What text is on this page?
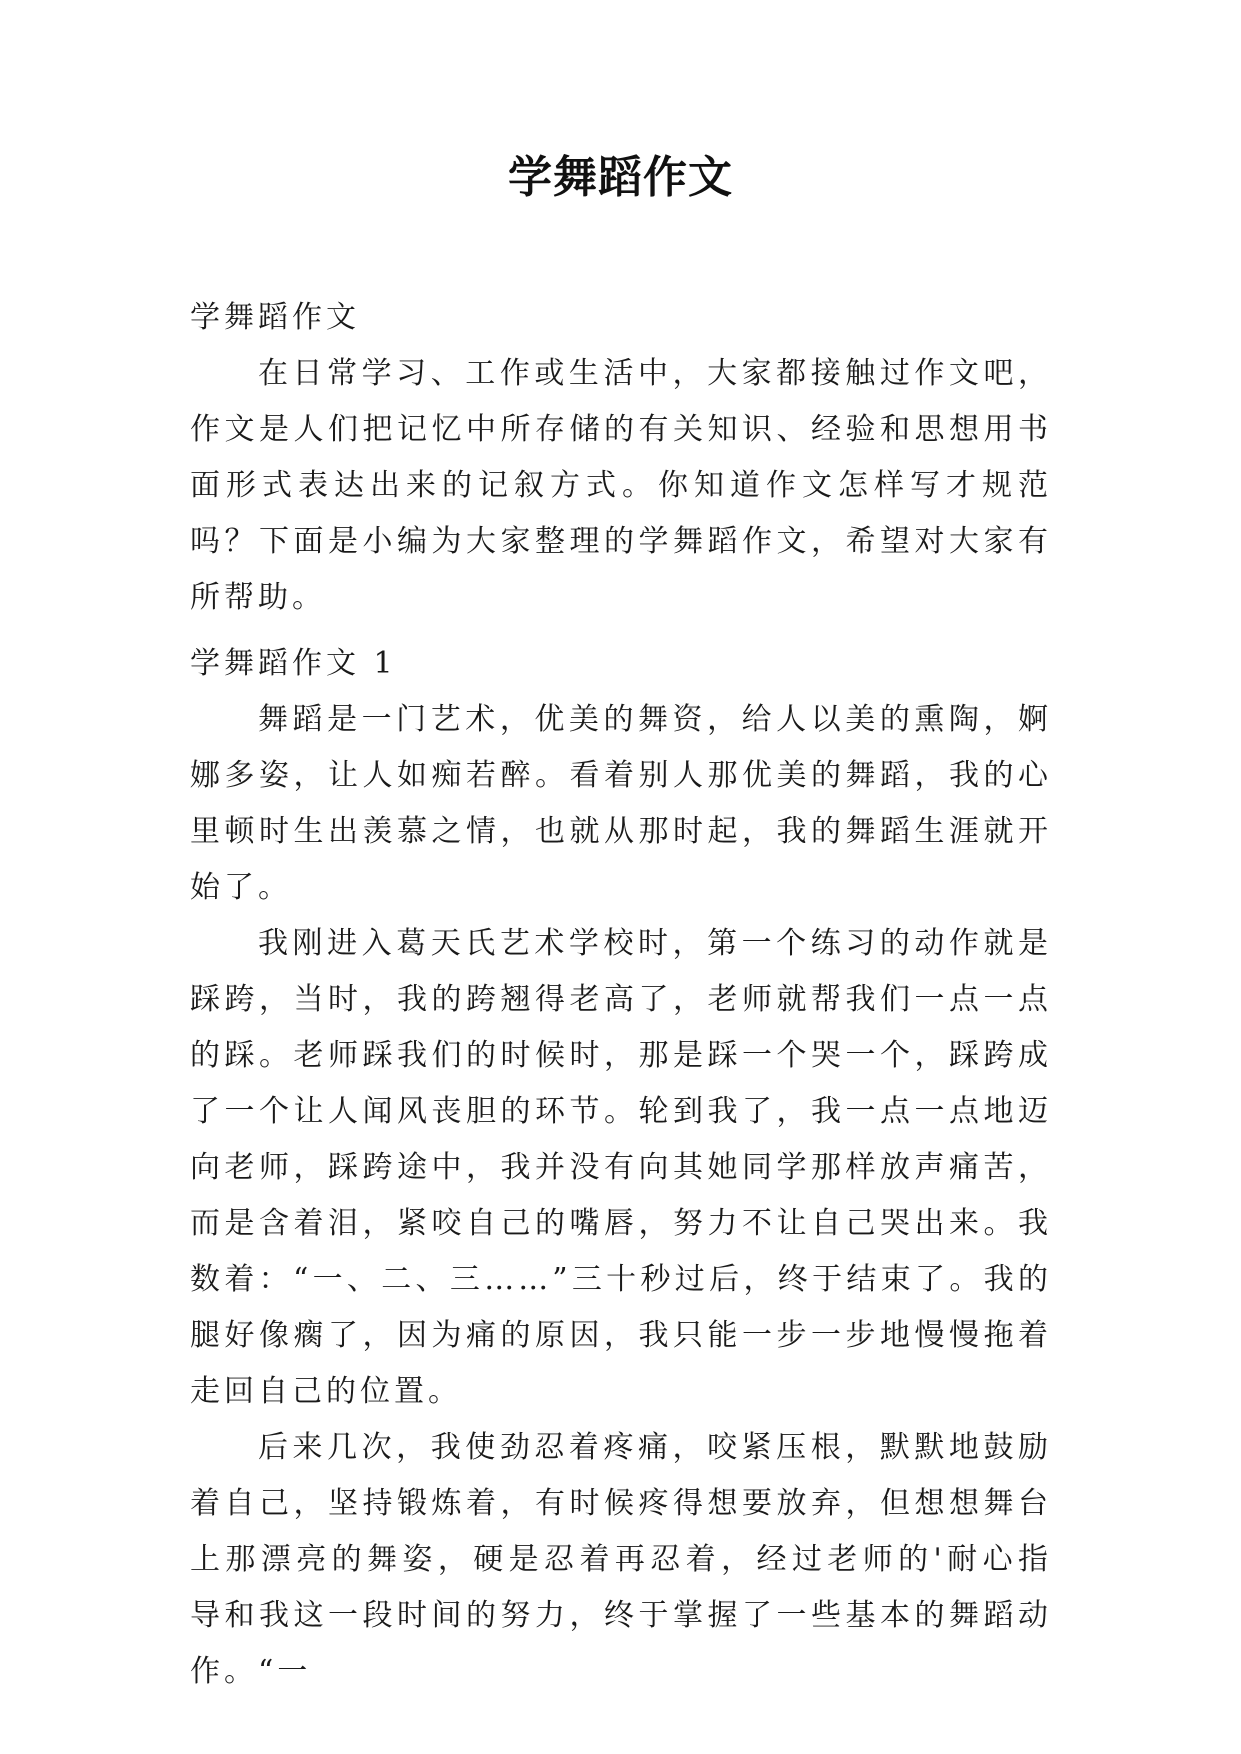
学舞蹈作文

学舞蹈作文

在日常学习、工作或生活中，大家都接触过作文吧，作文是人们把记忆中所存储的有关知识、经验和思想用书面形式表达出来的记叙方式。你知道作文怎样写才规范吗？下面是小编为大家整理的学舞蹈作文，希望对大家有所帮助。

学舞蹈作文 1

舞蹈是一门艺术，优美的舞资，给人以美的熏陶，婀娜多姿，让人如痴若醉。看着别人那优美的舞蹈，我的心里顿时生出羡慕之情，也就从那时起，我的舞蹈生涯就开始了。

我刚进入葛天氏艺术学校时，第一个练习的动作就是踩跨，当时，我的跨翘得老高了，老师就帮我们一点一点的踩。老师踩我们的时候时，那是踩一个哭一个，踩跨成了一个让人闻风丧胆的环节。轮到我了，我一点一点地迈向老师，踩跨途中，我并没有向其她同学那样放声痛苦，而是含着泪，紧咬自己的嘴唇，努力不让自己哭出来。我数着：“一、二、三……”三十秒过后，终于结束了。我的腿好像瘸了，因为痛的原因，我只能一步一步地慢慢拖着走回自己的位置。

后来几次，我使劲忍着疼痛，咬紧压根，默默地鼓励着自己，坚持锻炼着，有时候疼得想要放弃，但想想舞台上那漂亮的舞姿，硬是忍着再忍着，经过老师的'耐心指导和我这一段时间的努力，终于掌握了一些基本的舞蹈动作。“一
